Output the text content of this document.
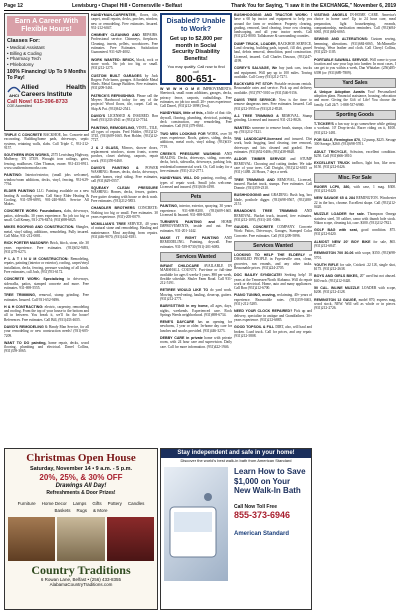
Page 12	Lewisburg • Chapel Hill • Cornersville • Belfast	Thank You for Saying, "I saw it in the EXCHANGE," November 6, 2019
Earn A Career With Flexible Hours!
Classes For:
• Medical Assistant
• Billing & Coding
• Pharmacy Tech
• Phlebotomy
100% Financing! Up To 9 Months To Pay!
AHCI
Allied Health Careers Institute
Call Now! 615-396-8733
COE Accredited
TRIPLE C CONCRETE BACKHOE, Inc. Concrete and excavating. Building/home pads, driveways, septic systems, retaining walls, slabs. Call Triple C, 931-212-9157.
SOUTHERN IRON WORKS, 2575 Lewisburg Highway, Mulberry, TN 37359. Wrought iron railings, gates, fencing, mailboxes. Glen Thomas, owner. 931-433-8911. www.southernironworks.com
PAINTING: Interior/exterior, (small jobs welcome), window/room additions, decks, vinyl, fencing. 931-629-7764.
ELDER PAINTING LLC: Painting available on a new heating & cooling system. Call Stacy Elder Heating & Cooling, 931-359-6893, 901-240-9665. Service All Makes.
CONCRETE WORK: Foundations, slabs, driveways, patios, sidewalks. 30 years experience. No job too big or small. Call Kenny, 931-276-8474; (931)698-6825.
MIKES ROOFING AND CONSTRUCTION. Shingles, metal, vinyl siding, additions, remodeling. Fully insured. Call Mike, 931-212-0081.
RICK PORTER MASONRY: Brick, block, stone, tile. 30 years experience. Free estimates. (931)652-9493, (931)270-6273.
P L A T I N U M CONSTRUCTION: Remodeling, repairs, painting (interior or exterior), roofing, carpet/vinyl installation, decks, fencing, pressure washing of all kinds. Free estimates, call Josh, (931)703-6172.
CONCRETE WORK: Specializing in driveways, sidewalks, patios, stamped concrete and more. Free estimates. 931-698-5555.
TREE TRIMMING, removal, stump grinding. Free estimates. Insured. Call 931-652-9496.
H & H CONTRACTING: electric, carpentry, remodeling and roofing. From the top of your house to the bottom and all in between. You break it, we'll fix the house! References. Free estimates. Call Bill, (931)433-4655.
DAVID'S REMODELING & Handy Man Service, for all your remodeling or new construction needs! (931)-605-7209.
WANT TO DO painting, home repair, decks, wood flooring, plumbing and electrical. Darrel Collins, (931)359-3065.
Christmas Open House
Saturday, November 14 • 9 a.m. - 5 p.m.
20%, 25%, & 30% OFF
Drawings All Day!
Refreshments & Door Prizes!
Furniture Home Decor Lamps Gifts Pottery Candles
Baskets Rugs & More
Country Traditions
6 Rowan Lane, Belfast • (256) 433-8355
AlabamaCountryTraditions.com
HANDYMAN-CARPENTER, floors, tile, carpet, small repairs, decks, porches, window, new or remodeling. Free estimates. Insured. 931-212-6047.
CHIMNEY CLEANING AND REPAIRS. Professional service. Chimneys, fireplaces. Cleaning, inserts, pellets, woodstoves. Free estimates. Free Estimates. Satisfaction Guaranteed. 931-629-4002.
WORK WANTED: BRICK, block, rock or stone work. No job too big or small. (931)212-1275.
CUSTOM BUILT GARAGES by Jack Rogers: Pole barns, garages. Affordable Metal Sheds. Metal Garage Builders. Free estimates. (931)209-5461.
PATRICK'S REFINISHING. Please call the Meyers Hardwood today for any of the projects! Wood floors, tile, carpet. Call us, Skip & Pat. (931)842-2541.
DAVID'S LICENSED & INSURED. Ron Snell (931)233-2941 or (931)212-7744.
PAINTING, REMODELING, VINYL, TILE, all types of repairs. Fred Holder, (931)212-3745, (931)609-1665. Bret Holder, (931)212-7727.
J & J GLASS, Mirrors, shower doors, replacement windows, storm fronts, screen porches, closet shelving, carports, repair work. (931)359-6460.
DAVID'S PAINTING & POWER WASHING: Homes, decks, docks, driveways, mobile homes, vinyl siding. Free estimates, call (931)629-0557.
SQUEAKY CLEAN PRESSURE WASHING: Homes, decks, fences, gutters. Free gutter cleaning with house or deck wash. Free estimates. (931)212-5853.
CHANDLER BROTHERS CONCRETE: Nothing too big or small. Free estimates. 30 years experience. (931)-205-0079.
MCMILLIAN'S TREE SERVICE, 40 years of natural stone and remodeling. Hauling and maintenance. Most anything from repairs. (931)446-9070, (931)442-8181.
Disabled? Unable to Work?
Get up to $2,800 per month in Social Security Disability Benefits!
You may qualify. Call now to find out!
800-651-
W W W H O M E IMPROVEMENTS: Sheetrock, small room additions, garages, decks, privacy fence, carports, outbuildings. Free estimates, no job too small. 20+ years experience. Call Darrel, (931)212-1898 (Text).
HANDYMAN, little of this, a little of that: tile, drywall, flooring, plumbing, electrical, painting, deck construction, any remodeling. Free estimates. Call (931)379-0661.
TWO MEN LOOKING FOR WORK, over 50 years experience. Roofs, gutters, siding, decks, additions, metal roofs, vinyl siding. (931)633-7719.
CREEK'S PRESSURE WASHING AND SEALING. Decks, driveways, siding, concrete, decks, brick, sidewalks, driveways, parking lots, residential/commercial work. Or, Call today for a free estimate. (931)-212-2771.
HANDYMAN. WILL DO painting, roofing, all types of repair work. Small jobs welcome. Licensed and insured. (931)636-4198.
Pets
PAINTING, interior, exterior, spraying. 30 years experience. 931-698-8200, (931)609-1665. Licensed & Insured. 931-698-8200.
TURNER'S PAINTING and HOME IMPROVEMENTS, inside and out. Free estimates. 931-201-1442.
MAKE IT RIGHT PAINTING AND REMODELING. Painting, drywall. Free estimates. 931-539-8730 (931)-201-6083.
Services Wanted
INFANT CHILDCARE AVAILABLE IN MARSHALL COUNTY. Part-time or full-time available for ages 6 weeks-3 years. $90 per week, flexible schedule. Shuler Farm Road. Call 931-212-5191.
RETIREE WOULD LIKE TO do yard work. Mowing, weed-eating, hauling, clean-up, gutters. (931)212-2771.
BABYSITTING in my home, all ages, days, nights, weekends. Experienced care. Rock Springs Weeds neighborhood. (931)698-6734.
RENE'S DAYCARE has an opening for newborns, 1 year or older. In-home day care for lunches and snacks provided. (931)446-3273.
DEBBY CARE in private home with private room, with 24 hour care and supervision. Daily care. Call for more information. (931)422-1946.
BUSHHOGGING AND TRACTOR WORK: I have a 60 hp tractor and equipment to help you around the farm or residence. Property clearing, grading, removal, land clearing, fence row clearing, landscaping, and all your tractor needs. Call (931)212-8000. Tallahassee & surrounding counties.
DUMP TRUCK, LOADER, BACKHOE SERVICE, Land clearing, building pads, topsoil, fill dirt, gravel haul, debris removal, demolition, pond construction. Licensed, insured. Call Charles Dawson, (931)247-4199.
COREY'S SALVAGE, We buy junk cars, trucks and equipment. Will pay up to 100 miles. Towing available. Call Corey (931)212-7271.
BACKYARD PIT STOP: Portable restroom rentals. Reasonable rates and service. Pick up and delivery available. (931)797-5010 or (931)546-9156.
DAVIS TREE SERVICE: Now is the time to remove dangerous trees. Free estimates. Insured. Call (931)212-5955 or (931)212-8528.
A-1 TREE TRIMMING & REMOVAL. Stump grinding. Licensed and insured. 931-212-8026.
WANTED: someone to remove brush, stumps, clean up. (931)212-7421.
TRS LANDSCAPE-licensed and insured. Dirt work, bush hogging, land clearing, tree removal, driveways and lots cleaned and graded. Free estimates. (931)652-0406; (931)438-8620.
ALDOR TIMBER SERVICE and STUMP REMOVAL: Choosing and cutting timber. We take care of your trees. Call Dwight, (931)212-6015 or (931)-1488. 24 Hours, 7 days a week.
TREE TRIMMING AND REMOVAL, Licensed, insured. Bucket truck, stumps. Free estimates. Call Donnie. (931)359-2310.
BUSHHOGGING and GRADING: Bush hog, box blade, posthole digger. (931)698-0567, (931)380-2151.
BRANDON'S TREE TRIMMING AND REMOVAL. Bucket truck, insured, free estimates. (931)212-1093, (931)-201-5086.
GAUDEL CONCRETE COMPANY. Concrete Work: Patios, Driveways, Garages, Stamped Color Concrete. Free estimates. Call (931)209-5896.
Services Wanted
LOOKING TO HELP THE ELDERLY or DISABLED PEOPLE in Fayetteville area, clean, groceries, run errands, and any other tasks. Reasonable prices. (931)224-2705.
DOC BAILEY SYNDICATE! Seeking help! 10 years at the Tennessee/North Alabama. Will do repair work or electrical. Home, auto and many appliances. Call Ron (931)212-6700.
PIANO TUNING, moving, reclaiming. 40+ years of experience. Reasonable rates. (931)359-0463, (931)-212-5285.
NEED YOUR CLOCK REPAIRED? Pick up and delivery, specialize in antique and Grandfathers. 30+ years experience. (931)212-6885.
GOOD TOPSOIL & FILL DIRT, also, will haul and broken. Load truck. Call for prices, and any repair. (931)212-5808.
Stay independent and safe in your home!
Discover the world's best walk-in bath from American Standard
Learn How to Save $1,000 on Your New Walk-In Bath
Call Now Toll Free
855-373-6946
American Standard
VISITING ANGELS IN-HOME CARE. America's choice in home care! Up to 24 hour care, meal preparation, light housekeeping, errands, companionship, medication reminders. Call (931)684-6065, (931)684-6065.
SEWING AND ALTERATIONS: Custom sewing, hemming, alterations. (931)684-6065, McMinnville Sewing. Wear leather and cloth. Call Cheryl Collins, (931)225-1105.
PORTABLE SAWMILL SERVICE. Will come to your location and saw your logs into lumber. In most cases, I can get to you within a week, Dan Whitaker. (256)485-6398 (or: (931)689-7809).
Yard Sales
A Unique Adoption Awaits You! Personalized adoption plans. Financial assistance, housing, relocation and more. Giving the Gift of Life! You choose the family. Call 24/7: 1-888-537-6980.
Sporting Goods
T-TICKER'S a fun way to go somewhere while getting a workout. 10' Drop-in-ski. Racer riding on it, $100. (931)212-1481.
FOR SALE, Remington 870, 12 pump, $225. Savage 300 Savage, $260. (931)698-5701.
ADULT TRICYCLE, Schwinn, excellent condition. $250. Call (931)666-3810.
EXCELLENT TRUCK toolbox, light box, like new. $150. (931)212-0426.
Misc. For Sale
RUGER LCPII, 380, with case, 1 mag. $300. (931)212-0420.
NEW SAVAGE 65 & 284 REMINGTON. Winchester 22 in the box, chrome. Excellent shape. Call (931)212-0420.
MUZZLE LOADER for sale. Thompson Omega stainless steel, 50 caliber, camo with thumb hole stock. Nikon scope, cleaning kit, case. $300. (931)212-7821.
GOLF BAG with seat, good condition. $75. (931)212-0420.
ALMOST NEW 20' BOY BIKE for sale, $65. (931)212-6847.
REMINGTON 700 30-06 with scope, $350. (931)698-5701.
YOUTH RIFLE for sale, Crickett .22 LR, single shot, $175. (931)212-2638.
BOYS AND GIRLS BIKES, 20" used but not abused. $40 each. (931)212-0420.
50 CAL. INLINE MUZZLE LOADER with scope, $200. (931)212-4128.
REMINGTON 12 GAUGE, model 870, express mag, wood stock, NEW. Will sell as whole or in pieces. (931)212-2726.
